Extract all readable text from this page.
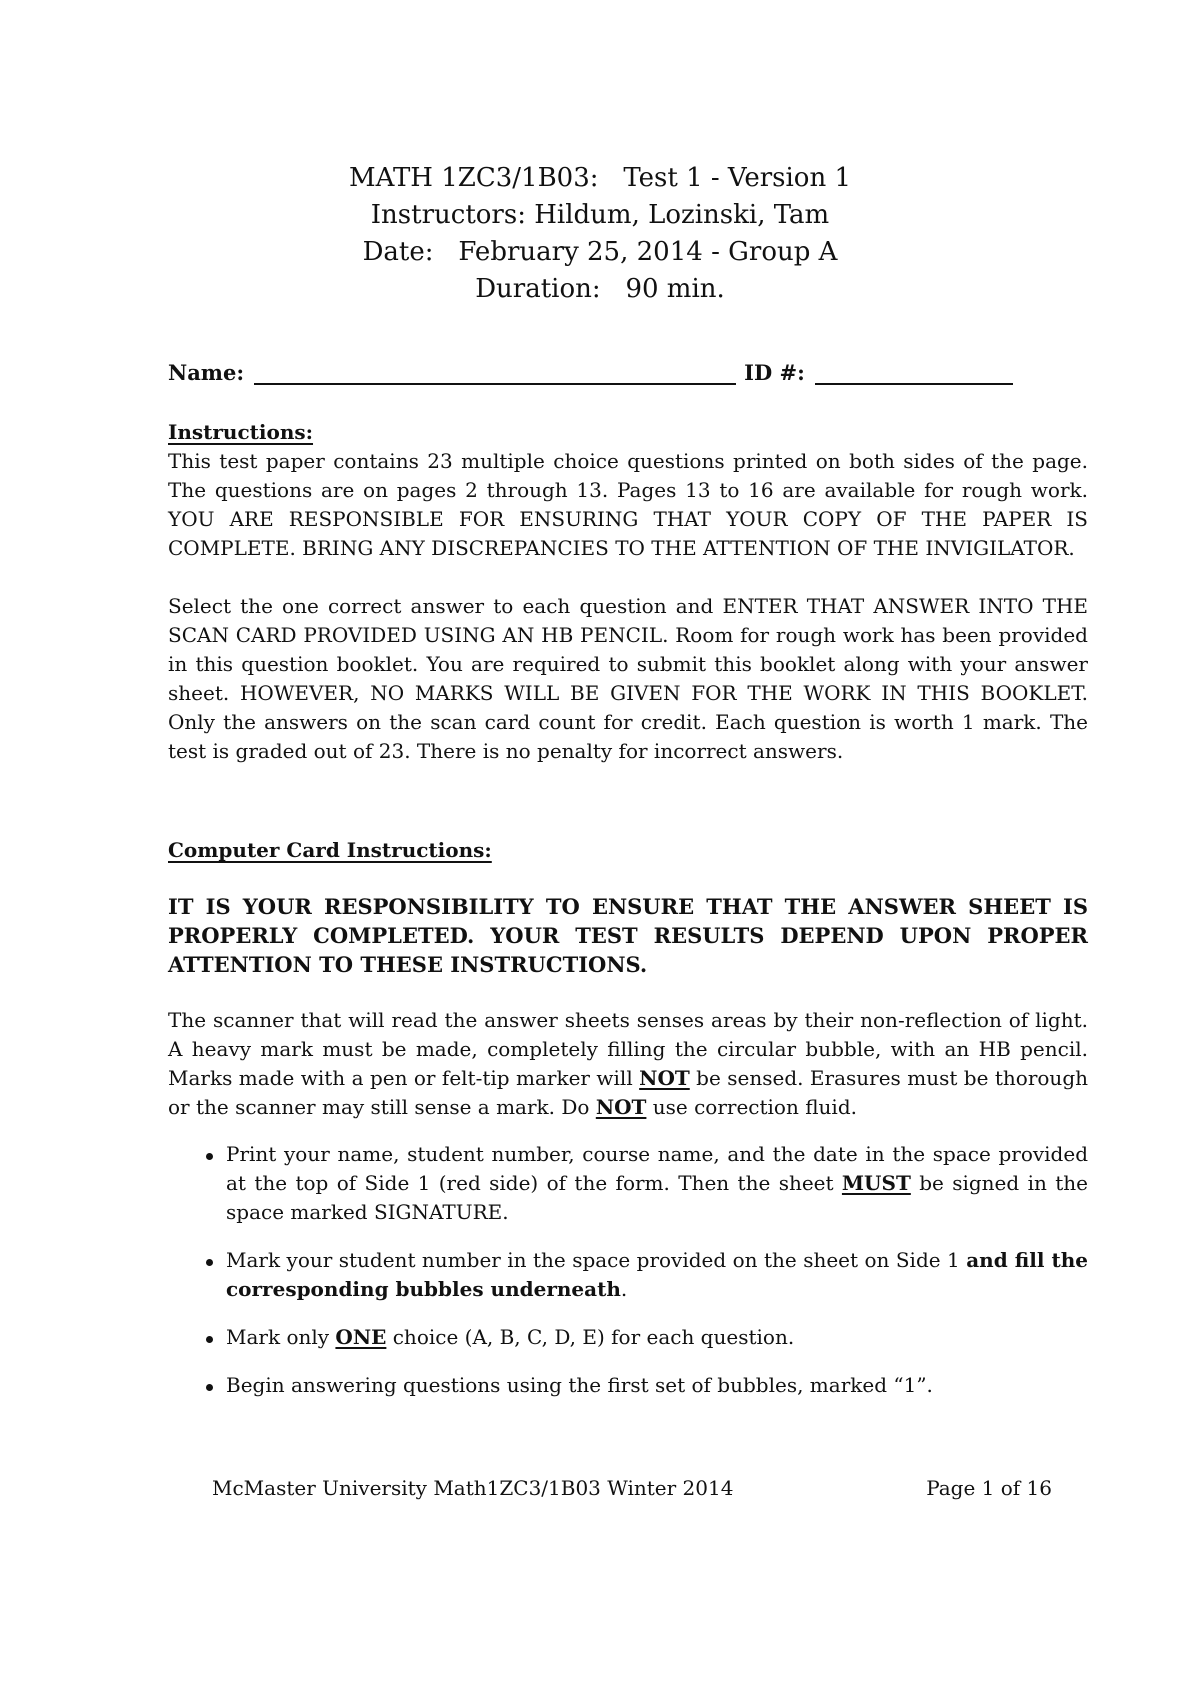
MATH 1ZC3/1B03:   Test 1 - Version 1
Instructors: Hildum, Lozinski, Tam
Date:   February 25, 2014 - Group A
Duration:   90 min.
Name:	ID #:
Instructions:

This test paper contains 23 multiple choice questions printed on both sides of the page. The questions are on pages 2 through 13. Pages 13 to 16 are available for rough work. YOU ARE RESPONSIBLE FOR ENSURING THAT YOUR COPY OF THE PAPER IS COMPLETE. BRING ANY DISCREPANCIES TO THE ATTENTION OF THE INVIGILATOR.

Select the one correct answer to each question and ENTER THAT ANSWER INTO THE SCAN CARD PROVIDED USING AN HB PENCIL. Room for rough work has been provided in this question booklet. You are required to submit this booklet along with your answer sheet. HOWEVER, NO MARKS WILL BE GIVEN FOR THE WORK IN THIS BOOKLET. Only the answers on the scan card count for credit. Each question is worth 1 mark. The test is graded out of 23. There is no penalty for incorrect answers.

Computer Card Instructions:

IT IS YOUR RESPONSIBILITY TO ENSURE THAT THE ANSWER SHEET IS PROPERLY COMPLETED. YOUR TEST RESULTS DEPEND UPON PROPER ATTENTION TO THESE INSTRUCTIONS.

The scanner that will read the answer sheets senses areas by their non-reflection of light. A heavy mark must be made, completely filling the circular bubble, with an HB pencil. Marks made with a pen or felt-tip marker will NOT be sensed. Erasures must be thorough or the scanner may still sense a mark. Do NOT use correction fluid.

Print your name, student number, course name, and the date in the space provided at the top of Side 1 (red side) of the form. Then the sheet MUST be signed in the space marked SIGNATURE.
Mark your student number in the space provided on the sheet on Side 1 and fill the corresponding bubbles underneath.
Mark only ONE choice (A, B, C, D, E) for each question.
Begin answering questions using the first set of bubbles, marked “1”.
McMaster University Math1ZC3/1B03 Winter 2014	Page 1 of 16
